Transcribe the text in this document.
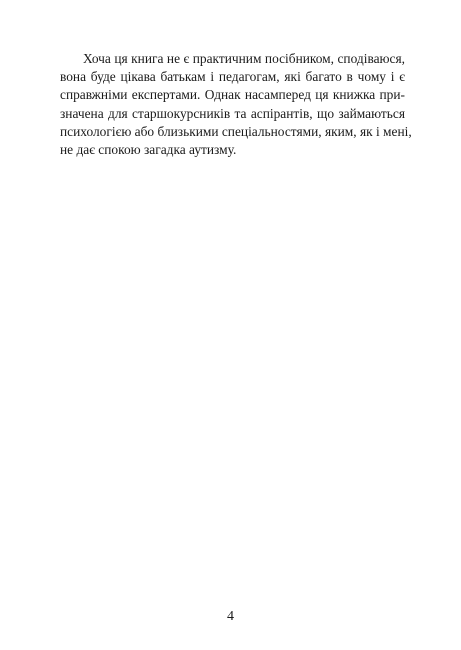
Хоча ця книга не є практичним посібником, сподіваюся,
вона буде цікава батькам і педагогам, які багато в чому і є
справжніми експертами. Однак насамперед ця книжка при-
значена для старшокурсників та аспірантів, що займаються
психологією або близькими спеціальностями, яким, як і мені,
не дає спокою загадка аутизму.
4
